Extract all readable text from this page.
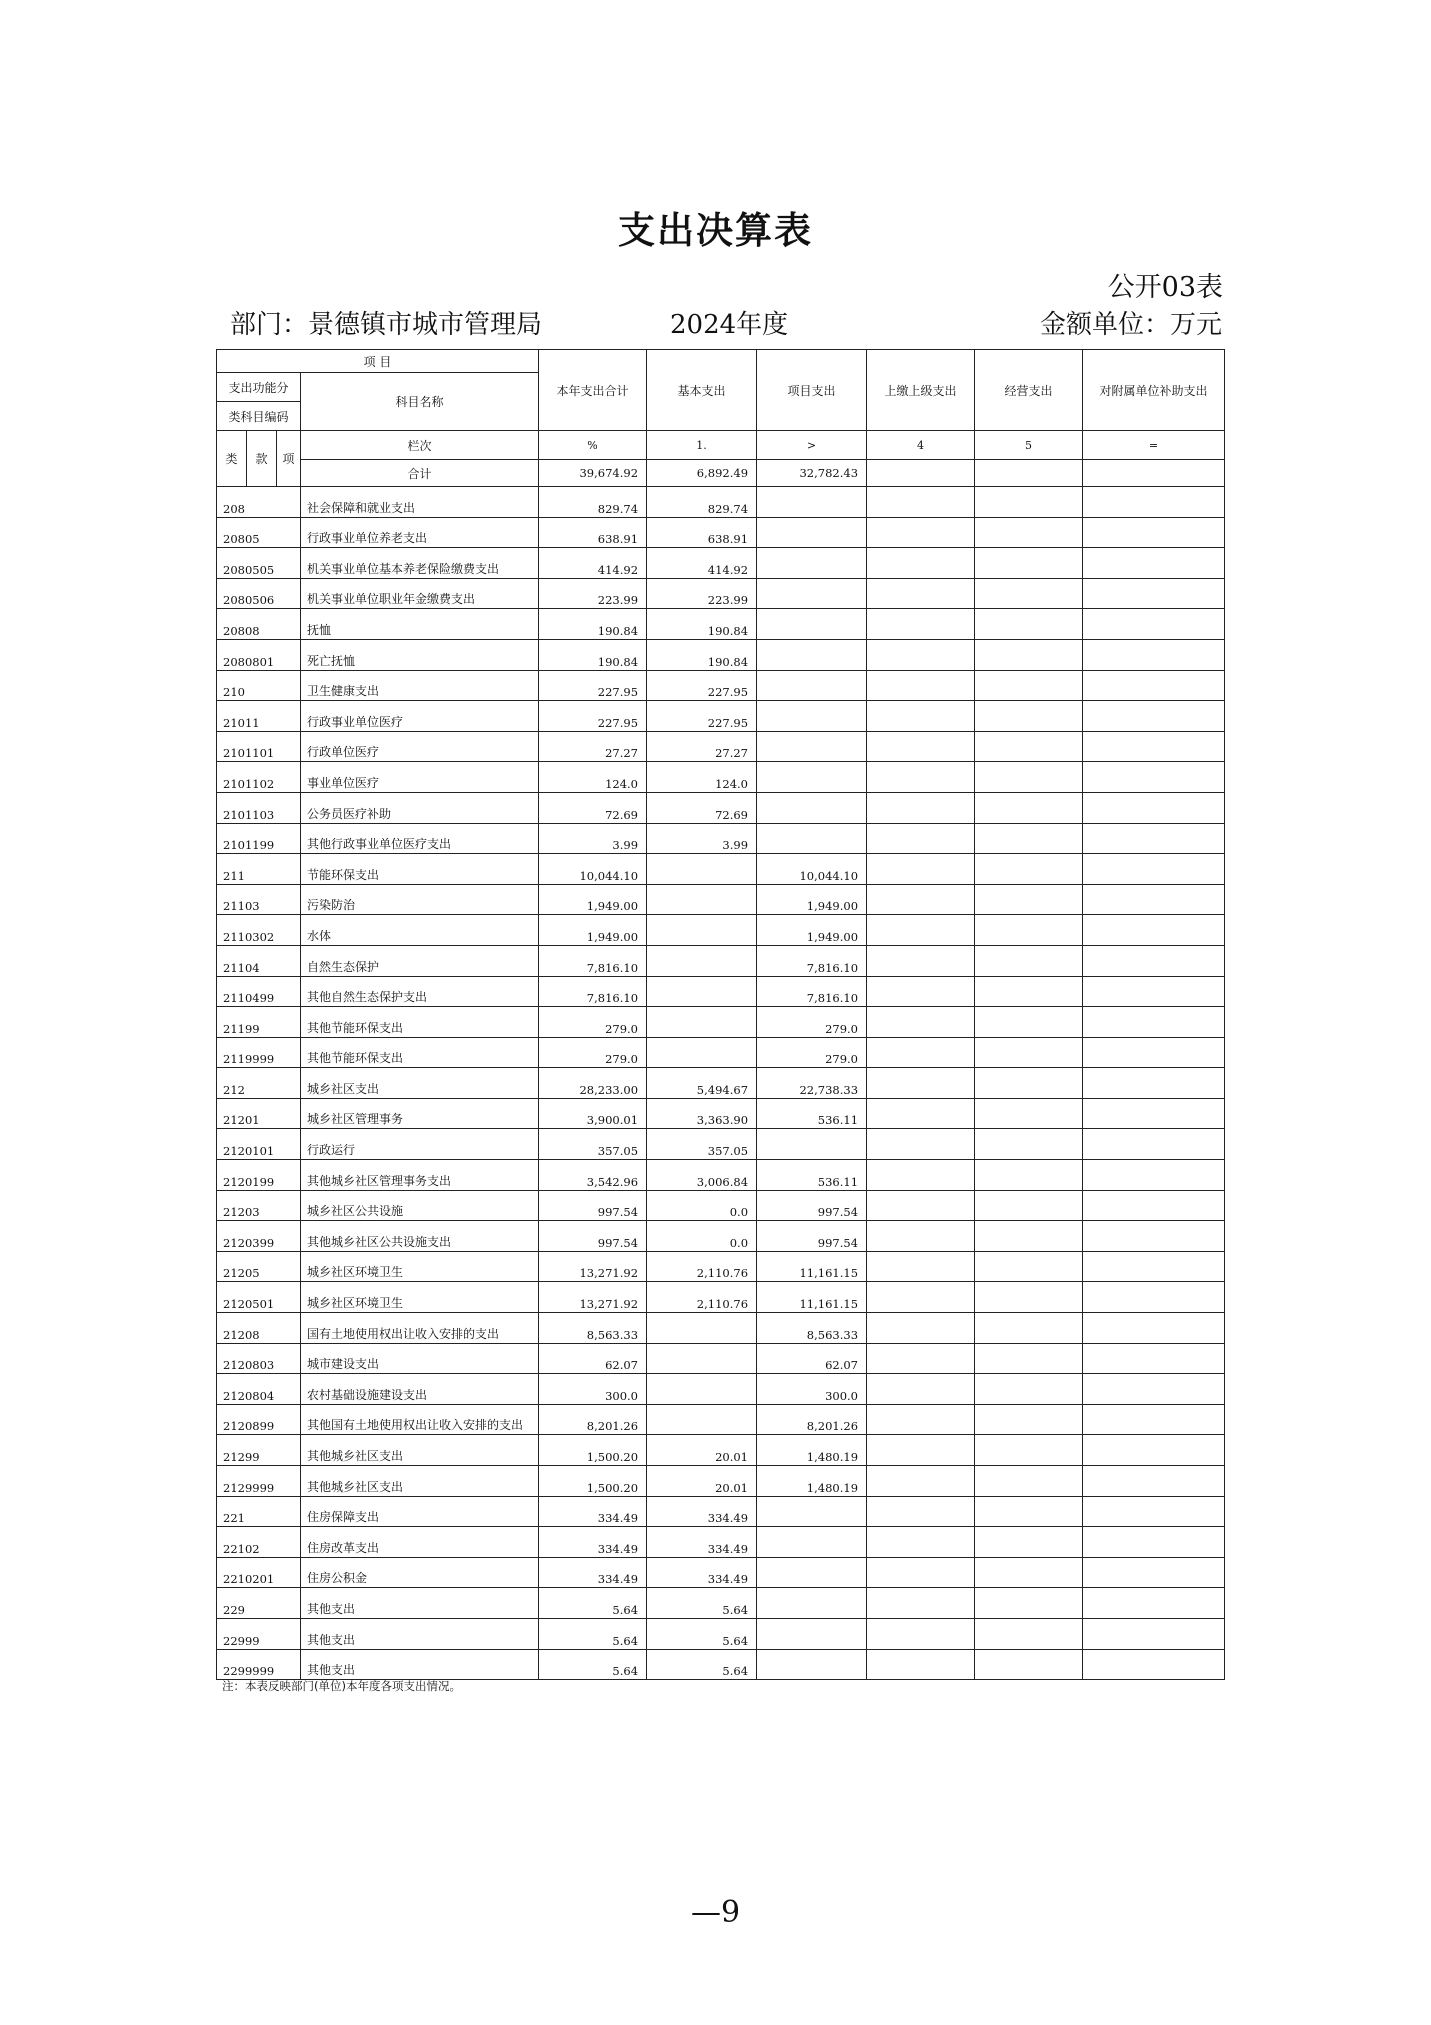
支出决算表
公开03表
部门：景德镇市城市管理局	2024年度	金额单位：万元
项 目				本年支出合计	基本支出	项目支出	上缴上级支出	经营支出	对附属单位补助支出
支出功能分			科目名称						
类科目编码									
类	款	项	栏次	%	1.	>	4	5	=
			合计	39,674.92	6,892.49	32,782.43			
208			社会保障和就业支出	829.74	829.74				
20805			行政事业单位养老支出	638.91	638.91				
2080505			机关事业单位基本养老保险缴费支出	414.92	414.92				
2080506			机关事业单位职业年金缴费支出	223.99	223.99				
20808			抚恤	190.84	190.84				
2080801			死亡抚恤	190.84	190.84				
210			卫生健康支出	227.95	227.95				
21011			行政事业单位医疗	227.95	227.95				
2101101			行政单位医疗	27.27	27.27				
2101102			事业单位医疗	124.0	124.0				
2101103			公务员医疗补助	72.69	72.69				
2101199			其他行政事业单位医疗支出	3.99	3.99				
211			节能环保支出	10,044.10		10,044.10			
21103			污染防治	1,949.00		1,949.00			
2110302			水体	1,949.00		1,949.00			
21104			自然生态保护	7,816.10		7,816.10			
2110499			其他自然生态保护支出	7,816.10		7,816.10			
21199			其他节能环保支出	279.0		279.0			
2119999			其他节能环保支出	279.0		279.0			
212			城乡社区支出	28,233.00	5,494.67	22,738.33			
21201			城乡社区管理事务	3,900.01	3,363.90	536.11			
2120101			行政运行	357.05	357.05				
2120199			其他城乡社区管理事务支出	3,542.96	3,006.84	536.11			
21203			城乡社区公共设施	997.54	0.0	997.54			
2120399			其他城乡社区公共设施支出	997.54	0.0	997.54			
21205			城乡社区环境卫生	13,271.92	2,110.76	11,161.15			
2120501			城乡社区环境卫生	13,271.92	2,110.76	11,161.15			
21208			国有土地使用权出让收入安排的支出	8,563.33		8,563.33			
2120803			城市建设支出	62.07		62.07			
2120804			农村基础设施建设支出	300.0		300.0			
2120899			其他国有土地使用权出让收入安排的支出	8,201.26		8,201.26			
21299			其他城乡社区支出	1,500.20	20.01	1,480.19			
2129999			其他城乡社区支出	1,500.20	20.01	1,480.19			
221			住房保障支出	334.49	334.49				
22102			住房改革支出	334.49	334.49				
2210201			住房公积金	334.49	334.49				
229			其他支出	5.64	5.64				
22999			其他支出	5.64	5.64				
2299999			其他支出	5.64	5.64				
注：本表反映部门(单位)本年度各项支出情况。
—9
